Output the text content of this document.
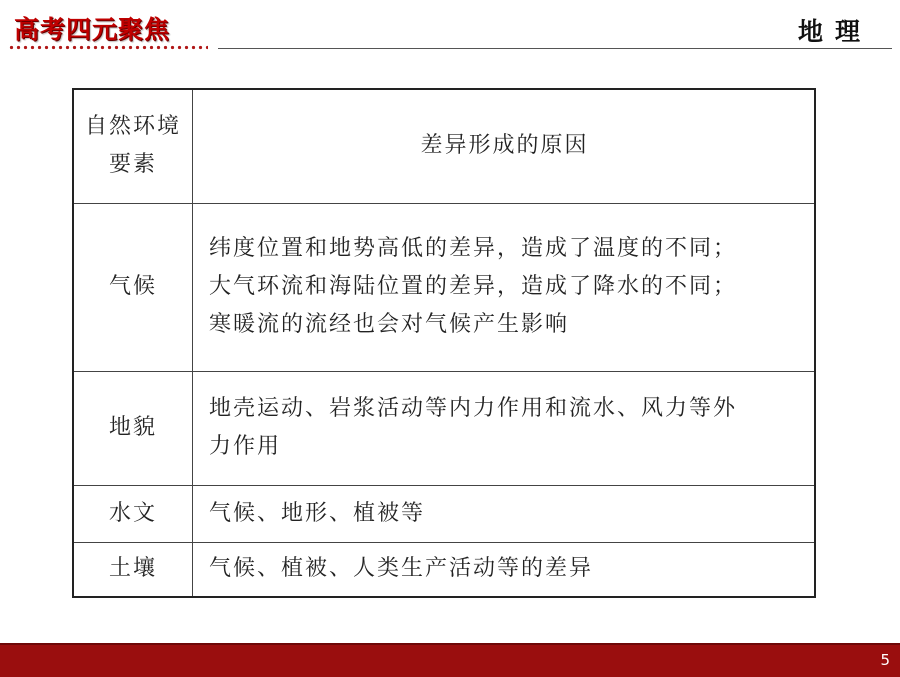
高考四元聚焦	地理
自然环境要素	差异形成的原因
气候	纬度位置和地势高低的差异，造成了温度的不同；
大气环流和海陆位置的差异，造成了降水的不同；
寒暖流的流经也会对气候产生影响

地貌	地壳运动、岩浆活动等内力作用和流水、风力等外
力作用

水文	气候、地形、植被等

土壤	气候、植被、人类生产活动等的差异
5
